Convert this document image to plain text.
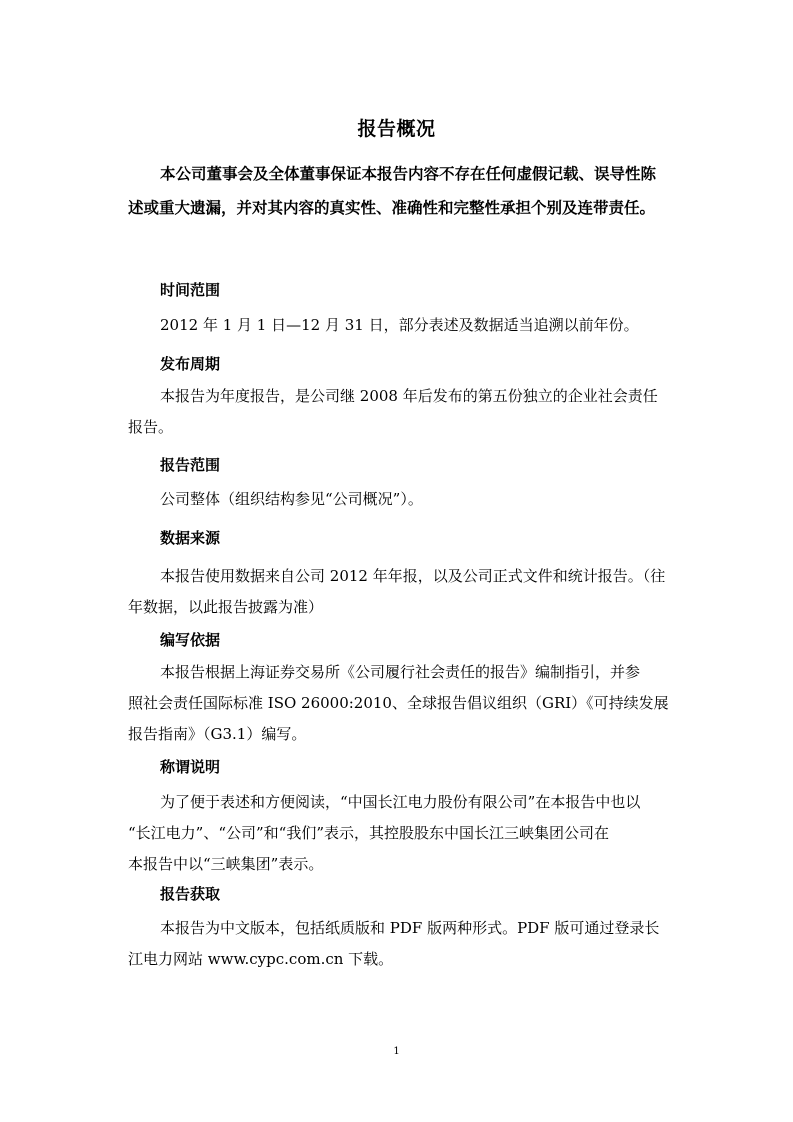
报告概况
本公司董事会及全体董事保证本报告内容不存在任何虚假记载、误导性陈
述或重大遗漏，并对其内容的真实性、准确性和完整性承担个别及连带责任。
时间范围
2012 年 1 月 1 日—12 月 31 日，部分表述及数据适当追溯以前年份。
发布周期
本报告为年度报告，是公司继 2008 年后发布的第五份独立的企业社会责任
报告。
报告范围
公司整体（组织结构参见“公司概况”）。
数据来源
本报告使用数据来自公司 2012 年年报，以及公司正式文件和统计报告。（往
年数据，以此报告披露为准）
编写依据
本报告根据上海证券交易所《公司履行社会责任的报告》编制指引，并参
照社会责任国际标准 ISO 26000:2010、全球报告倡议组织（GRI）《可持续发展
报告指南》（G3.1）编写。
称谓说明
为了便于表述和方便阅读，“中国长江电力股份有限公司”在本报告中也以
“长江电力”、“公司”和“我们”表示，其控股股东中国长江三峡集团公司在
本报告中以“三峡集团”表示。
报告获取
本报告为中文版本，包括纸质版和 PDF 版两种形式。PDF 版可通过登录长
江电力网站 www.cypc.com.cn 下载。
1
